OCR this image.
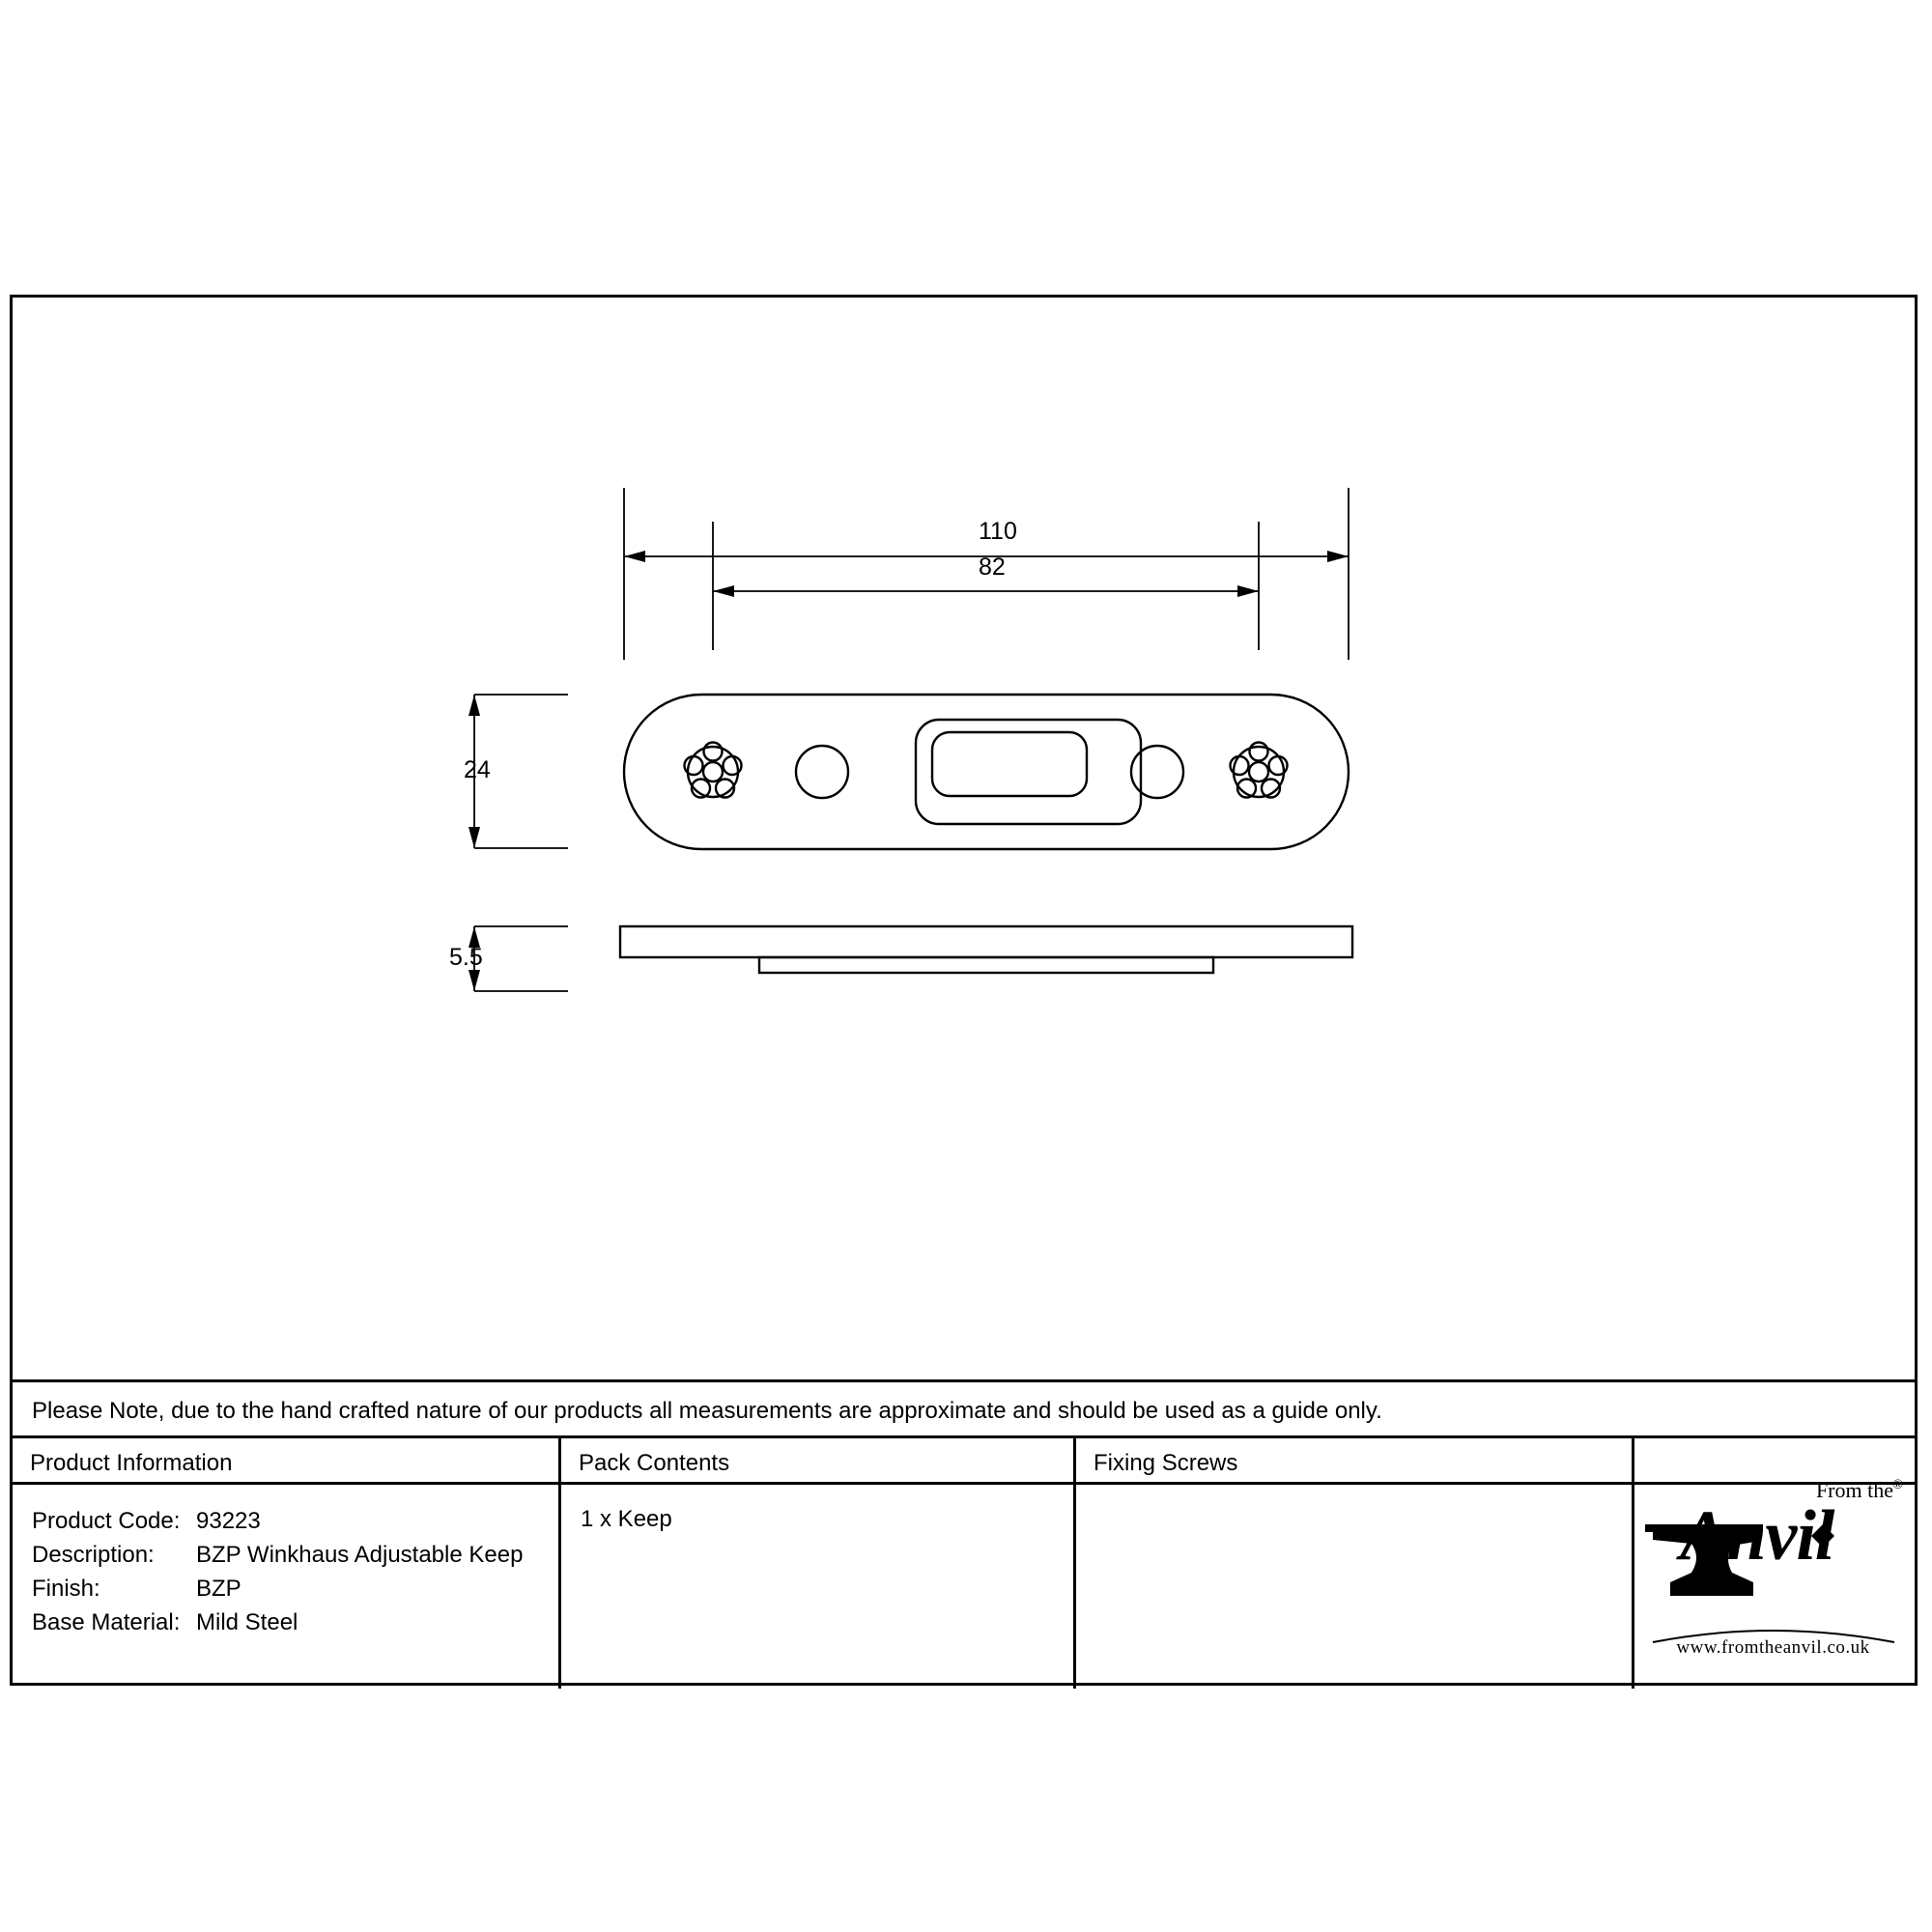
110
82
24
5.5
Please Note, due to the hand crafted nature of our products all measurements are approximate and should be used as a guide only.
Product Information	Pack Contents	Fixing Screws
Product Code: 93223
Description: BZP Winkhaus Adjustable Keep
Finish:	BZP
Base Material: Mild Steel
1 x Keep
From the ®
Anvil
www.fromtheanvil.co.uk
